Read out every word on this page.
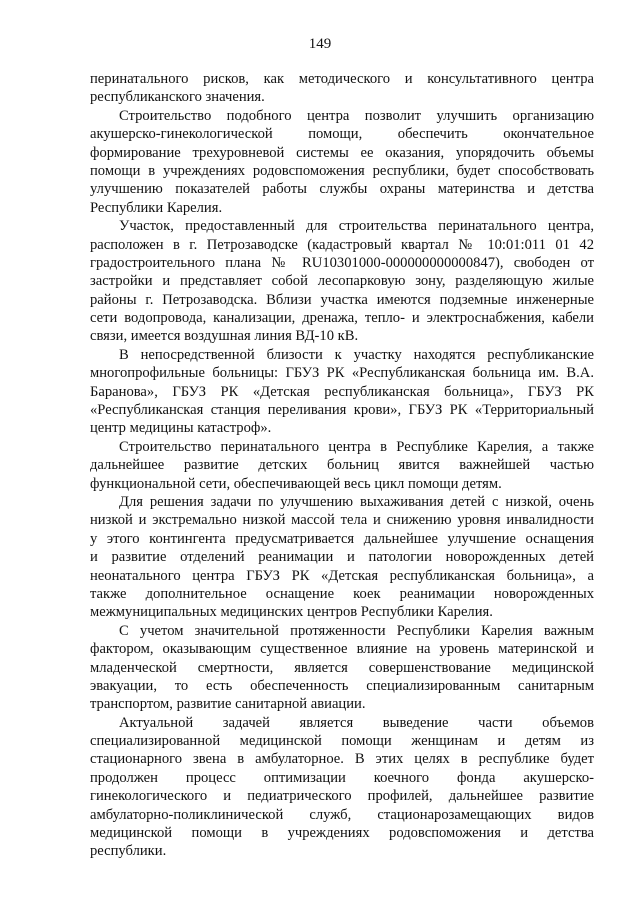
149
перинатального рисков, как методического и консультативного центра
республиканского значения.
Строительство подобного центра позволит улучшить организацию
акушерско-гинекологической помощи, обеспечить окончательное
формирование трехуровневой системы ее оказания, упорядочить объемы
помощи в учреждениях родовспоможения республики, будет способствовать
улучшению показателей работы службы охраны материнства и детства
Республики Карелия.
Участок, предоставленный для строительства перинатального центра,
расположен в г. Петрозаводске (кадастровый квартал № 10:01:011 01 42
градостроительного плана № RU10301000-000000000000847), свободен от
застройки и представляет собой лесопарковую зону, разделяющую жилые
районы г. Петрозаводска. Вблизи участка имеются подземные инженерные
сети водопровода, канализации, дренажа, тепло- и электроснабжения, кабели
связи, имеется воздушная линия ВД-10 кВ.
В непосредственной близости к участку находятся республиканские
многопрофильные больницы: ГБУЗ РК «Республиканская больница им. В.А.
Баранова», ГБУЗ РК «Детская республиканская больница», ГБУЗ РК
«Республиканская станция переливания крови», ГБУЗ РК «Территориальный
центр медицины катастроф».
Строительство перинатального центра в Республике Карелия, а также
дальнейшее развитие детских больниц явится важнейшей частью
функциональной сети, обеспечивающей весь цикл помощи детям.
Для решения задачи по улучшению выхаживания детей с низкой, очень
низкой и экстремально низкой массой тела и снижению уровня инвалидности
у этого контингента предусматривается дальнейшее улучшение оснащения
и развитие отделений реанимации и патологии новорожденных детей
неонатального центра ГБУЗ РК «Детская республиканская больница», а
также дополнительное оснащение коек реанимации новорожденных
межмуниципальных медицинских центров Республики Карелия.
С учетом значительной протяженности Республики Карелия важным
фактором, оказывающим существенное влияние на уровень материнской и
младенческой смертности, является совершенствование медицинской
эвакуации, то есть обеспеченность специализированным санитарным
транспортом, развитие санитарной авиации.
Актуальной задачей является выведение части объемов
специализированной медицинской помощи женщинам и детям из
стационарного звена в амбулаторное. В этих целях в республике будет
продолжен процесс оптимизации коечного фонда акушерско-
гинекологического и педиатрического профилей, дальнейшее развитие
амбулаторно-поликлинической служб, стационарозамещающих видов
медицинской помощи в учреждениях родовспоможения и детства
республики.
